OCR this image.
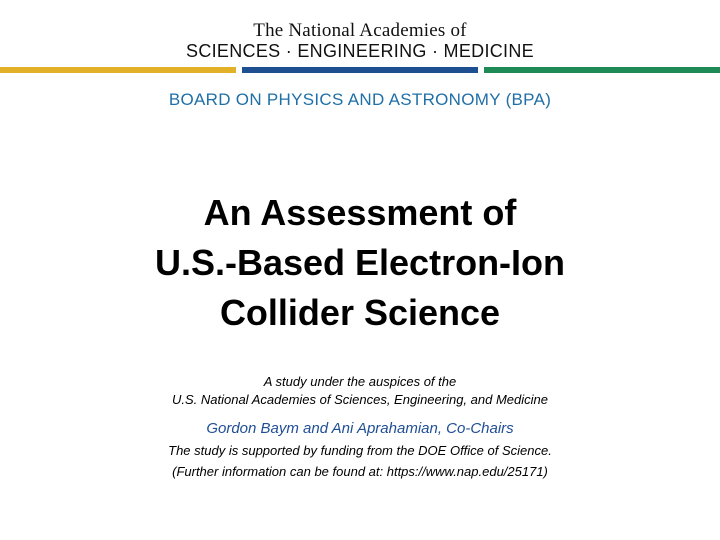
The National Academies of
SCIENCES · ENGINEERING · MEDICINE
BOARD ON PHYSICS AND ASTRONOMY (BPA)
An Assessment of
U.S.-Based Electron-Ion
Collider Science
A study under the auspices of the
U.S. National Academies of Sciences, Engineering, and Medicine
Gordon Baym and Ani Aprahamian, Co-Chairs
The study is supported by funding from the DOE Office of Science.
(Further information can be found at: https://www.nap.edu/25171)
